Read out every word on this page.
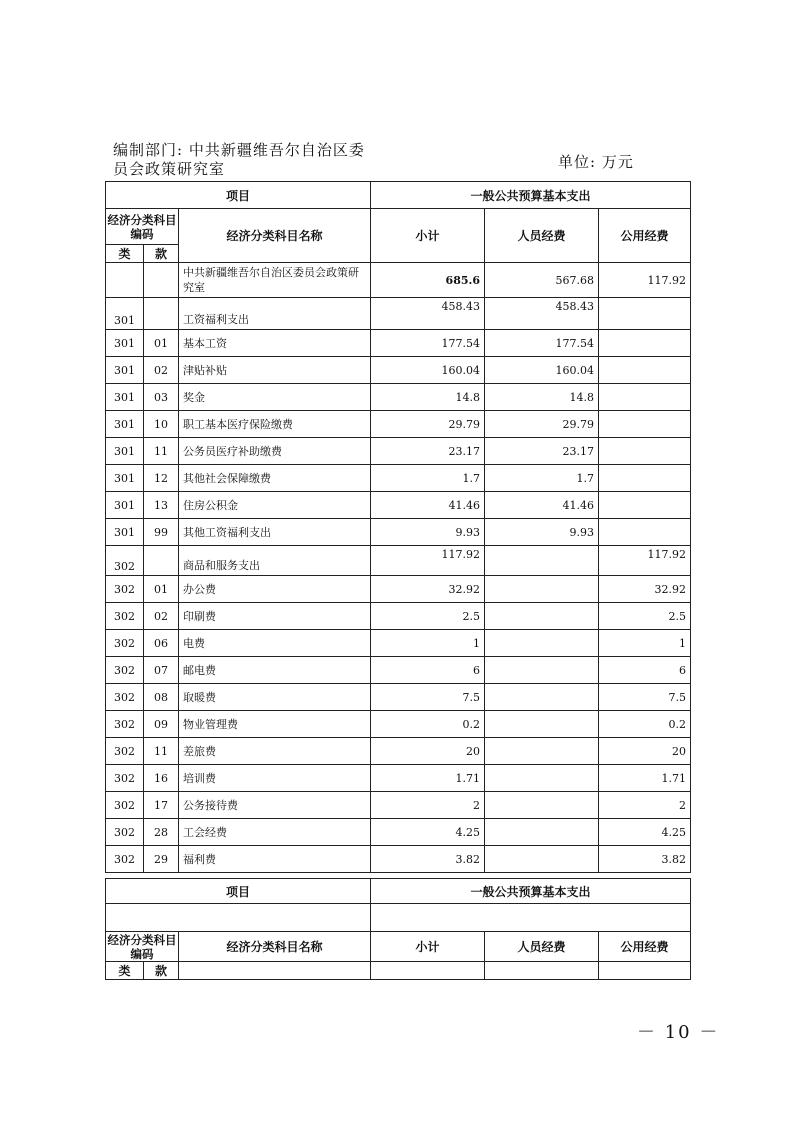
编制部门: 中共新疆维吾尔自治区委员会政策研究室	单位: 万元
项目			一般公共预算基本支出		
经济分类科目编码		经济分类科目名称	小计	人员经费	公用经费
类	款				
		中共新疆维吾尔自治区委员会政策研究室	685.6	567.68	117.92
301		工资福利支出	458.43	458.43	
301	01	基本工资	177.54	177.54	
301	02	津贴补贴	160.04	160.04	
301	03	奖金	14.8	14.8	
301	10	职工基本医疗保险缴费	29.79	29.79	
301	11	公务员医疗补助缴费	23.17	23.17	
301	12	其他社会保障缴费	1.7	1.7	
301	13	住房公积金	41.46	41.46	
301	99	其他工资福利支出	9.93	9.93	
302		商品和服务支出	117.92		117.92
302	01	办公费	32.92		32.92
302	02	印刷费	2.5		2.5
302	06	电费	1		1
302	07	邮电费	6		6
302	08	取暖费	7.5		7.5
302	09	物业管理费	0.2		0.2
302	11	差旅费	20		20
302	16	培训费	1.71		1.71
302	17	公务接待费	2		2
302	28	工会经费	4.25		4.25
302	29	福利费	3.82		3.82
项目			一般公共预算基本支出		

经济分类科目编码		经济分类科目名称	小计	人员经费	公用经费
类	款				
－ 10 －
